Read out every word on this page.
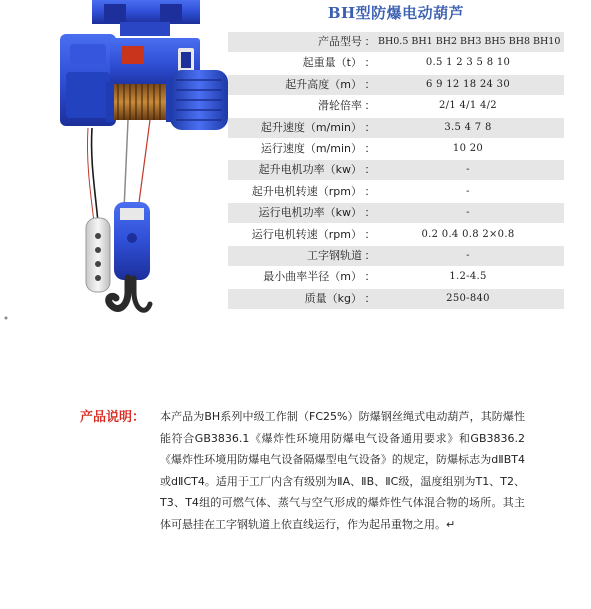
BH型防爆电动葫芦
产品型号 ： BH0.5 BH1 BH2 BH3 BH5 BH8 BH10
起重量（t） ：	0.5 1 2 3 5 8 10
起升高度（m） ：	6 9 12 18 24 30
滑轮倍率 ：	2/1 4/1 4/2
起升速度（m/min） ：	3.5 4 7 8
运行速度（m/min） ：	10 20
起升电机功率（kw） ：	-
起升电机转速（rpm） ：	-
运行电机功率（kw） ：	-
运行电机转速（rpm） ：	0.2 0.4 0.8 2×0.8
工字钢轨道 ：	-
最小曲率半径（m） ：	1.2-4.5
质量（kg） ：	250-840
产品说明： 本产品为BH系列中级工作制（FC25%）防爆钢丝绳式电动葫芦，其防爆性能符合GB3836.1《爆炸性环境用防爆电气设备通用要求》和GB3836.2《爆炸性环境用防爆电气设备隔爆型电气设备》的规定，防爆标志为dⅡBT4或dⅡCT4。适用于工厂内含有级别为ⅡA、ⅡB、ⅡC级，温度组别为T1、T2、T3、T4组的可燃气体、蒸气与空气形成的爆炸性气体混合物的场所。其主体可悬挂在工字钢轨道上依直线运行，作为起吊重物之用。↵
